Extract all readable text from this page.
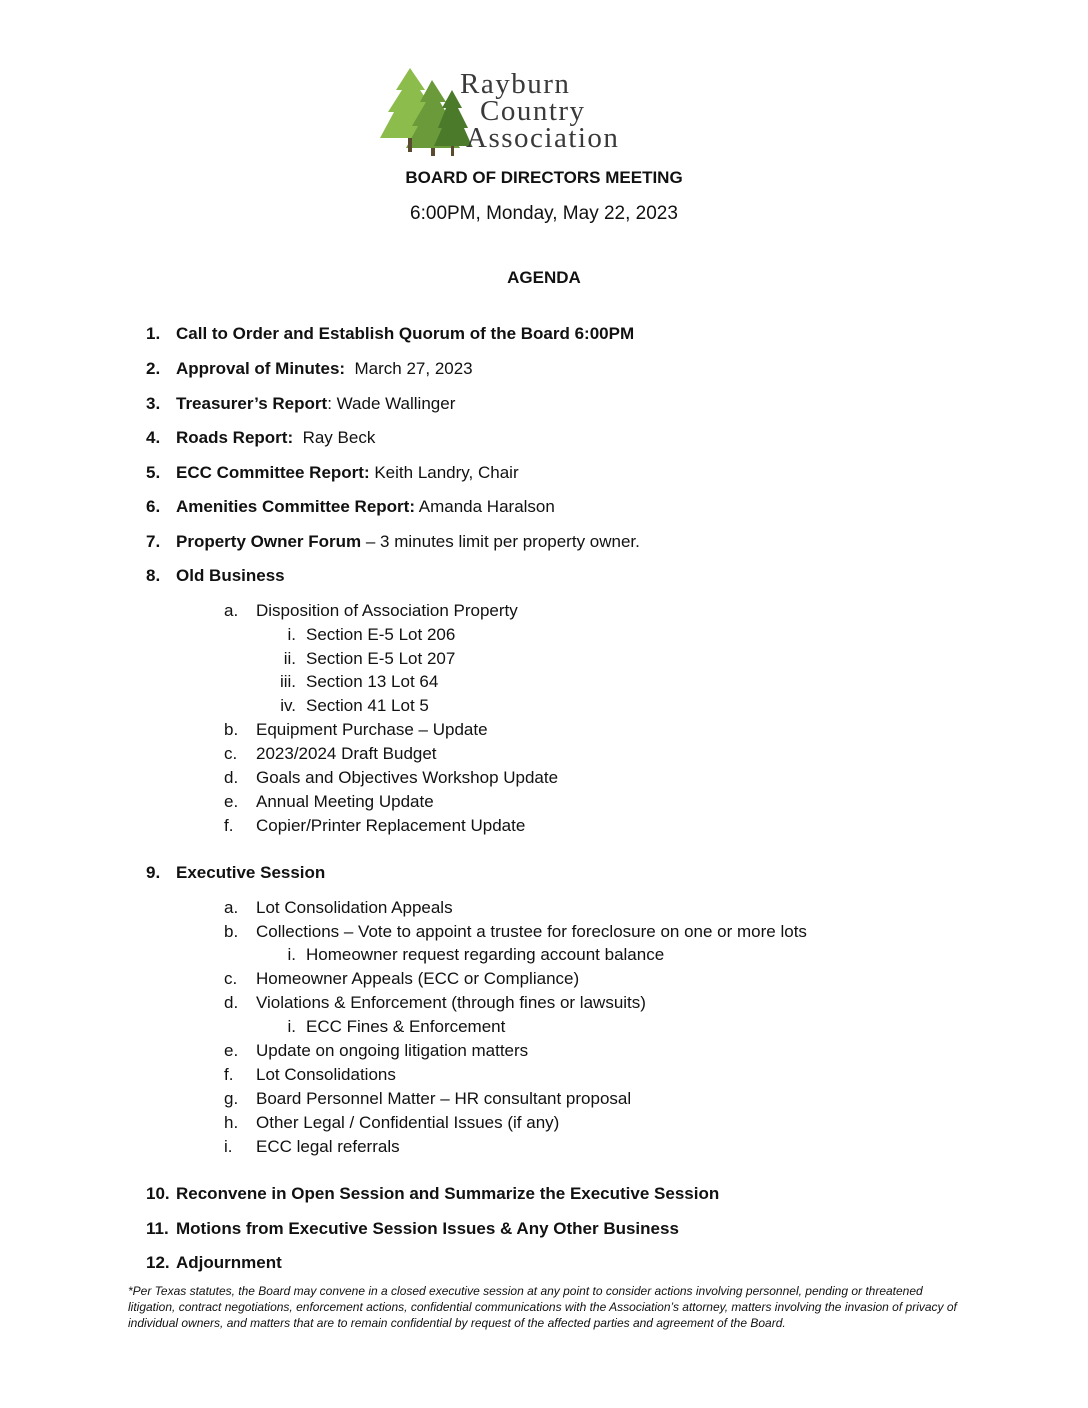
Rayburn
Country
Association
BOARD OF DIRECTORS MEETING
6:00PM, Monday, May 22, 2023
AGENDA
1. Call to Order and Establish Quorum of the Board 6:00PM
2. Approval of Minutes:  March 27, 2023
3. Treasurer’s Report: Wade Wallinger
4. Roads Report:  Ray Beck
5. ECC Committee Report: Keith Landry, Chair
6. Amenities Committee Report: Amanda Haralson
7. Property Owner Forum – 3 minutes limit per property owner.
8. Old Business
a. Disposition of Association Property
i. Section E-5 Lot 206
ii. Section E-5 Lot 207
iii. Section 13 Lot 64
iv. Section 41 Lot 5
b. Equipment Purchase – Update
c. 2023/2024 Draft Budget
d. Goals and Objectives Workshop Update
e. Annual Meeting Update
f. Copier/Printer Replacement Update
9. Executive Session
a. Lot Consolidation Appeals
b. Collections – Vote to appoint a trustee for foreclosure on one or more lots
i. Homeowner request regarding account balance
c. Homeowner Appeals (ECC or Compliance)
d. Violations & Enforcement (through fines or lawsuits)
i. ECC Fines & Enforcement
e. Update on ongoing litigation matters
f. Lot Consolidations
g. Board Personnel Matter – HR consultant proposal
h. Other Legal / Confidential Issues (if any)
i. ECC legal referrals
10. Reconvene in Open Session and Summarize the Executive Session
11. Motions from Executive Session Issues & Any Other Business
12. Adjournment
*Per Texas statutes, the Board may convene in a closed executive session at any point to consider actions involving personnel, pending or threatened litigation, contract negotiations, enforcement actions, confidential communications with the Association’s attorney, matters involving the invasion of privacy of individual owners, and matters that are to remain confidential by request of the affected parties and agreement of the Board.
